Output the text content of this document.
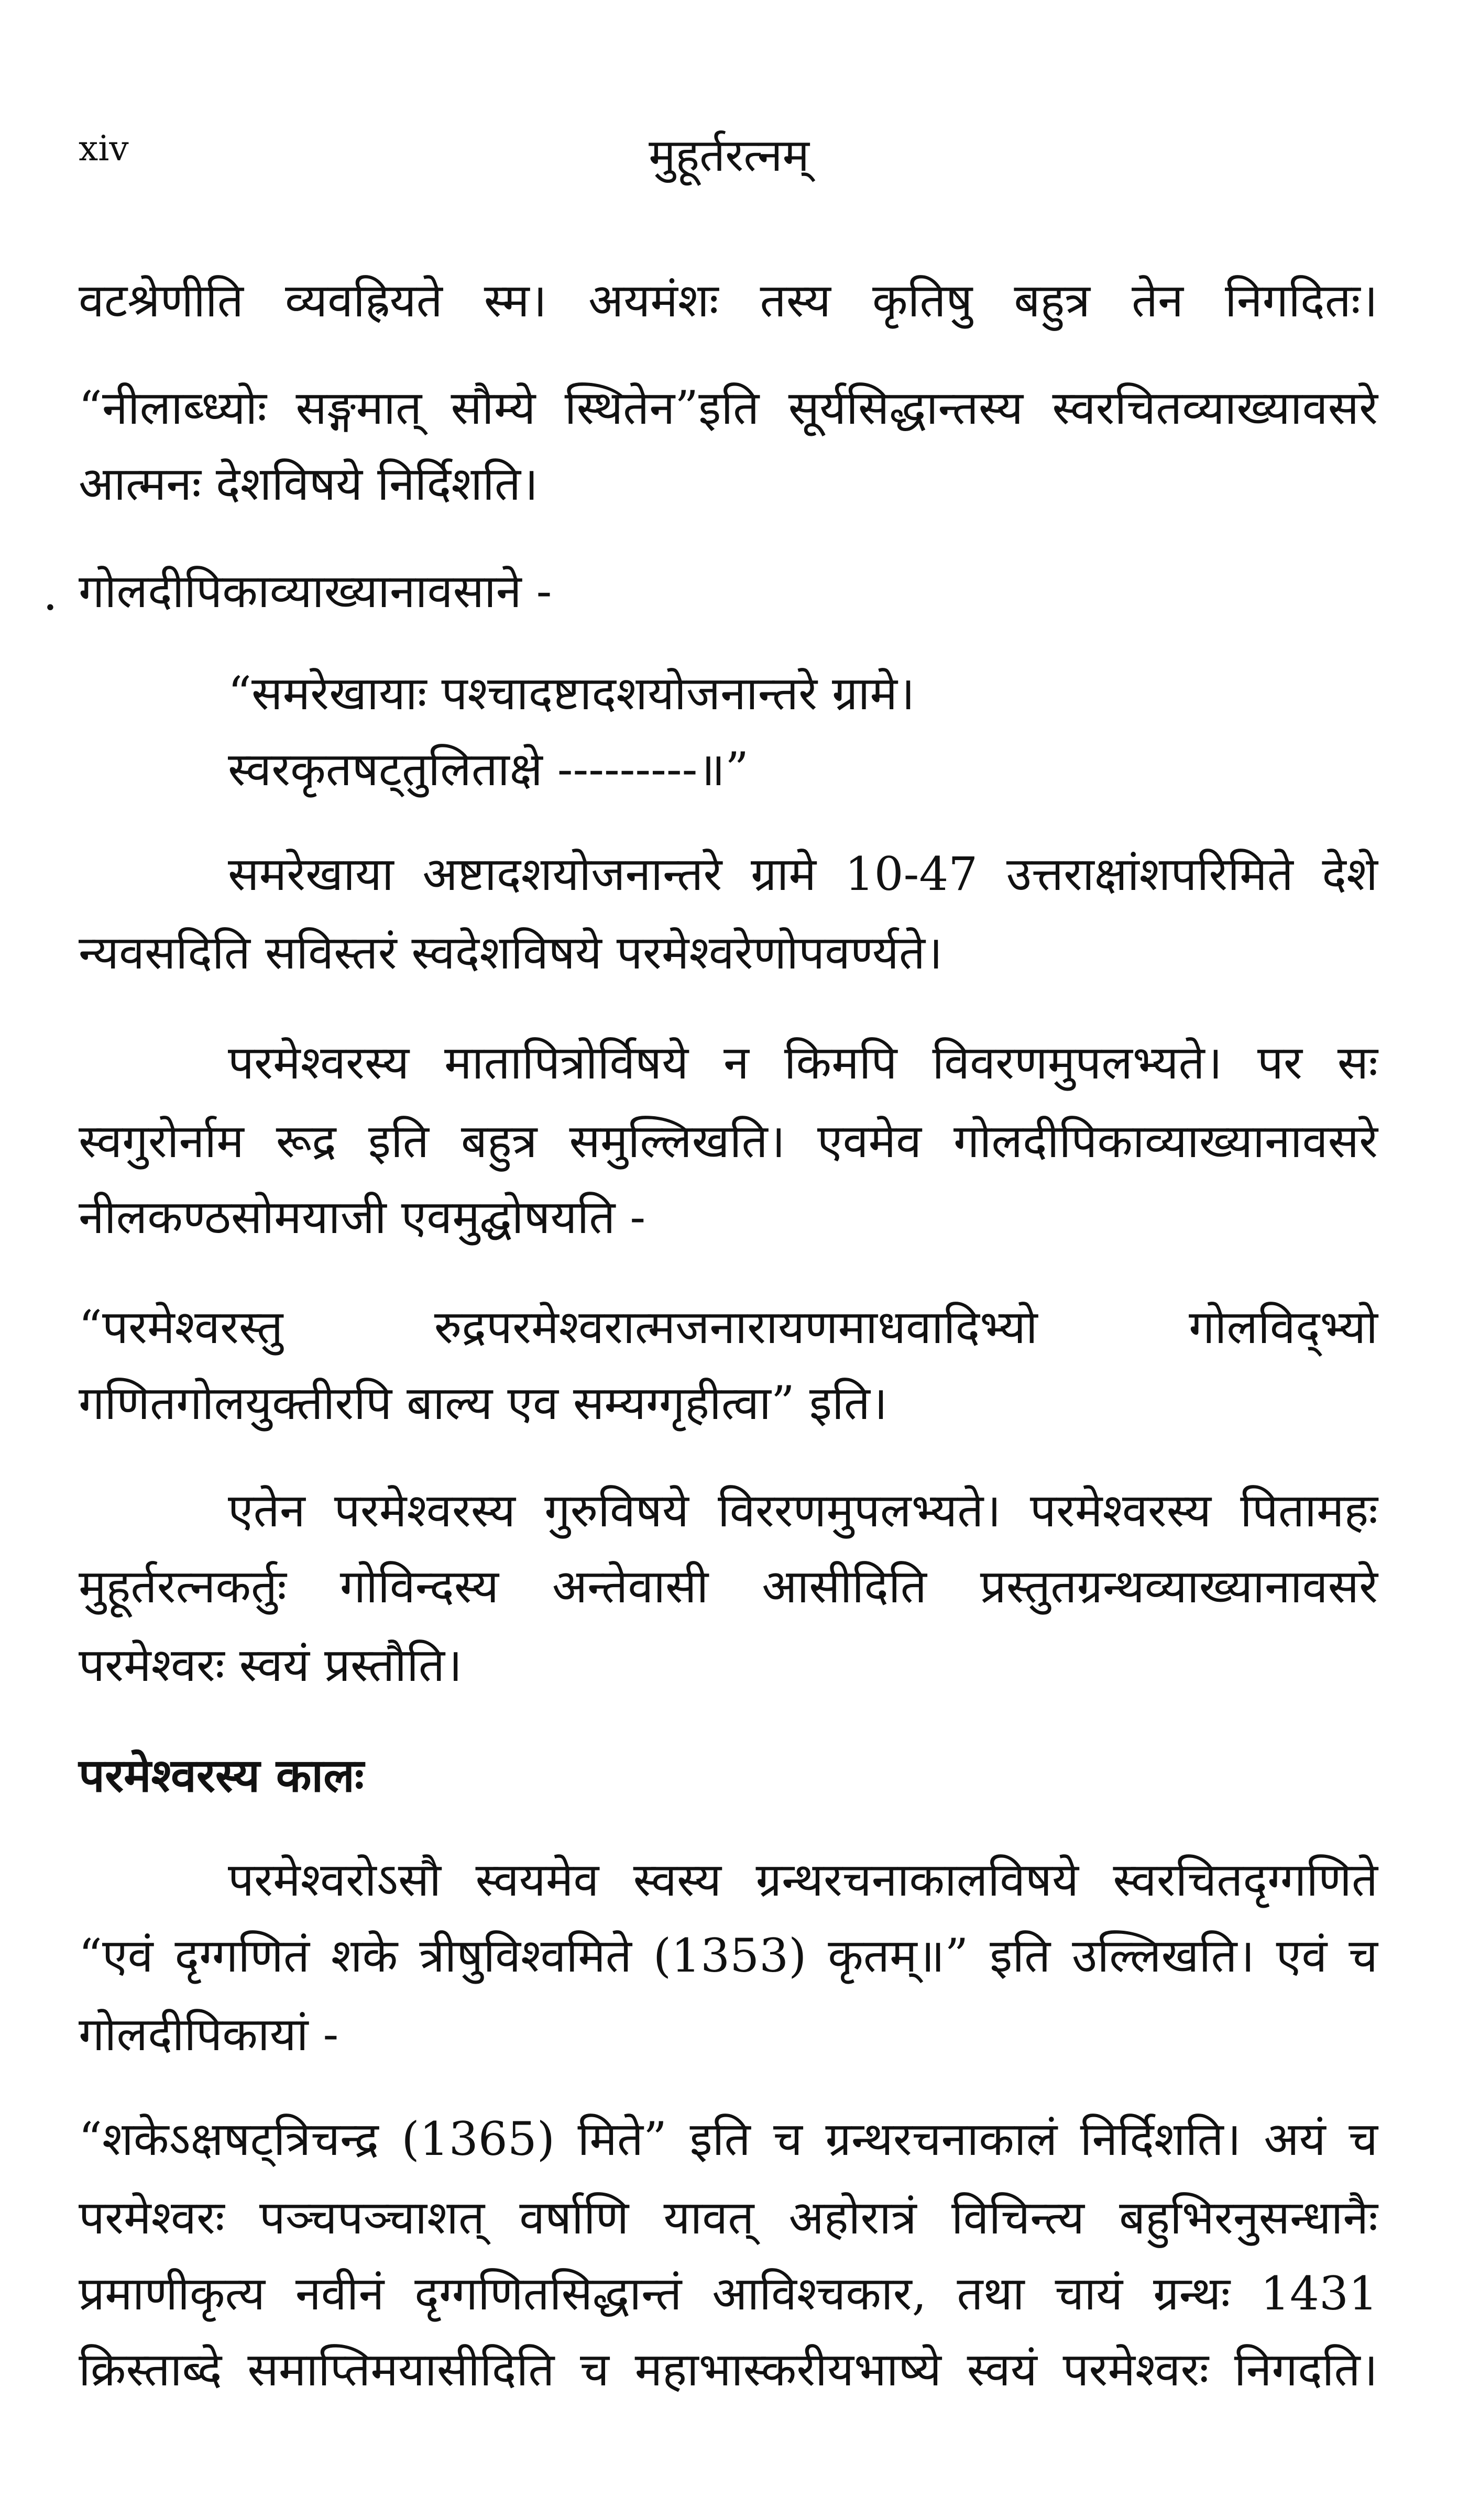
xiv	मुहूर्तरत्नम्
·
वटश्रेणीति व्यवह्रियते स्म। अयमंशः तस्य कृतिषु बहुत्र तेन निगदितः।
“नीलाब्ध्योः सङ्गमात् सौम्ये स्थितेन”इति सूर्यसिद्धान्तस्य स्वरचितव्याख्यावसरे
आत्मनः देशविषये निर्दिशति।
गोलदीपिकाव्याख्यानावसाने -
“समरेखायाः पश्चादष्टादशयोजनान्तरे ग्रामे।
स्वरकृतषट्तुलिताक्षे ---------॥”
समरेखाया अष्टादशयोजनान्तरे ग्रामे 10-47 उत्तराक्षांशपरिमिते देशे
न्यवसदिति सविस्तरं स्वदेशविषये परमेश्वरेणोपवर्ण्यते।
परमेश्वरस्य मातापित्रोर्विषये न किमपि विवरणमुपलभ्यते। पर सः
स्वगुरोर्नाम रूद्र इति बहुत्र समुल्लिखति। एवमेव गोलदीपिकाव्याख्यानावसरे
नीलकण्ठसोमयाजी एवमुद्घोषयति -
“परमेश्वरस्तु रुद्रपरमेश्वरात्मजनारायणमाधवादिभ्यो गोलविद्भ्यो
गणितगोलयुक्तीरपि बाल्य एव सम्यग्गृहीत्वा” इति।
एतेन परमेश्वरस्य गुरुविषये विररणमुपलभ्यते। परमेश्वरस्य पितामहः
मुहूर्तरत्नकर्तुः गोविन्दस्य अन्तेवासी आसीदिति प्रस्तुतग्रन्थव्याख्यानावसरे
परमेश्वरः स्वयं प्रस्तौति।
परमेश्वरस्य कालः
परमेश्वरोऽसौ स्वयमेव स्वस्य ग्रन्थरचनाकालविषये स्वरचितदृग्गणिते
“एवं दृग्गणितं शके त्रीषुविश्वमिते (1353) कृतम्॥” इति उल्लिखति। एवं च
गोलदीपिकायां -
“शकेऽक्षषट्त्रिचन्द्र (1365) मिते” इति च ग्रन्थरचनाकालं निर्दिशति। अयं च
परमेश्वरः पञ्चपञ्चाशत् वर्षाणि यावत् अहोरात्रं विचिन्त्य बहुभिरनुसन्धानैः
प्रमाणीकृत्य नवीनं दृग्गणितसिद्धान्तं आविश्चकार, तथा चायं ग्रन्थः 1431
क्रिस्ताब्दे समाप्तिमयासीदिति च महाभास्करीयभाष्ये स्वयं परमेश्वरः निगदति।
